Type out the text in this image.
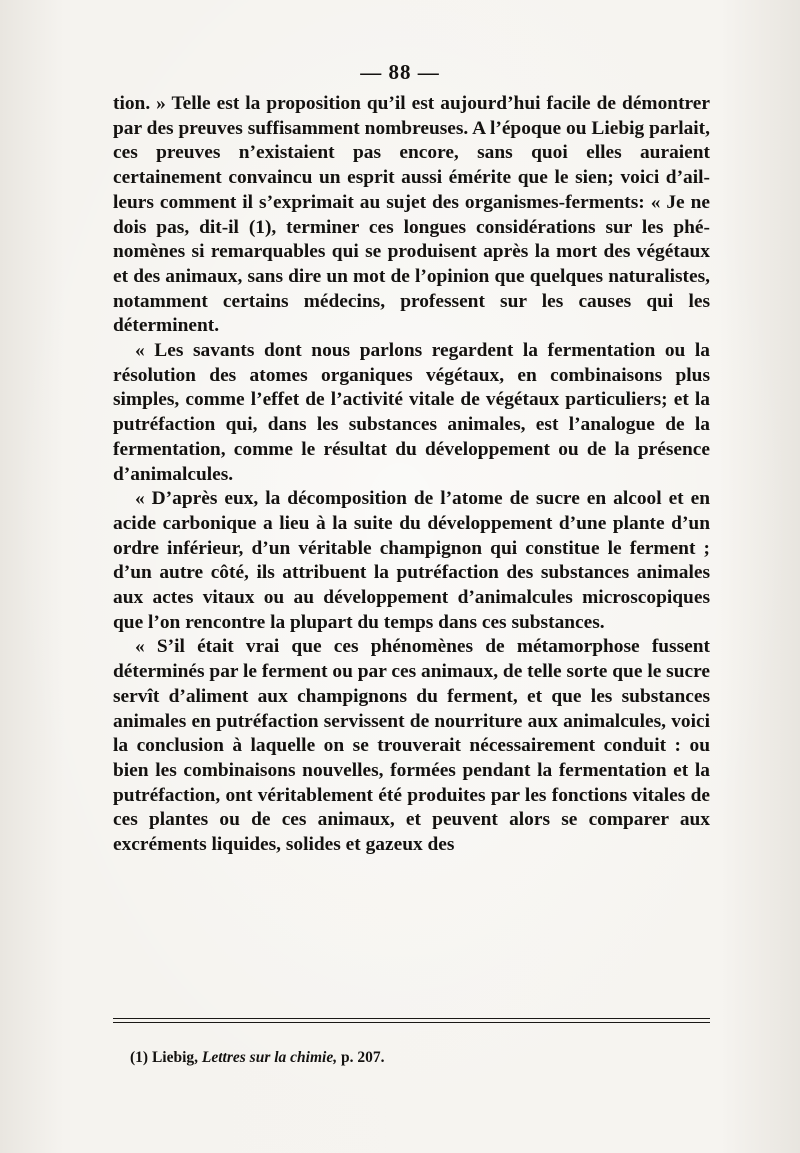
— 88 —

tion. » Telle est la proposition qu’il est aujourd’hui facile de démontrer par des preuves suffisamment nombreuses. A l’époque ou Liebig parlait, ces preuves n’existaient pas encore, sans quoi elles auraient certainement convaincu un esprit aussi émérite que le sien; voici d’ailleurs comment il s’exprimait au sujet des organismes-ferments: « Je ne dois pas, dit-il (1), terminer ces longues considérations sur les phénomènes si remarquables qui se produisent après la mort des végétaux et des animaux, sans dire un mot de l’opinion que quelques naturalistes, notamment certains médecins, professent sur les causes qui les déterminent.

« Les savants dont nous parlons regardent la fermentation ou la résolution des atomes organiques végétaux, en combinaisons plus simples, comme l’effet de l’activité vitale de végétaux particuliers; et la putréfaction qui, dans les substances animales, est l’analogue de la fermentation, comme le résultat du développement ou de la présence d’animalcules.

« D’après eux, la décomposition de l’atome de sucre en alcool et en acide carbonique a lieu à la suite du développement d’une plante d’un ordre inférieur, d’un véritable champignon qui constitue le ferment ; d’un autre côté, ils attribuent la putréfaction des substances animales aux actes vitaux ou au développement d’animalcules microscopiques que l’on rencontre la plupart du temps dans ces substances.

« S’il était vrai que ces phénomènes de métamorphose fussent déterminés par le ferment ou par ces animaux, de telle sorte que le sucre servît d’aliment aux champignons du ferment, et que les substances animales en putréfaction servissent de nourriture aux animalcules, voici la conclusion à laquelle on se trouverait nécessairement conduit : ou bien les combinaisons nouvelles, formées pendant la fermentation et la putréfaction, ont véritablement été produites par les fonctions vitales de ces plantes ou de ces animaux, et peuvent alors se comparer aux excréments liquides, solides et gazeux des

(1) Liebig, Lettres sur la chimie, p. 207.
